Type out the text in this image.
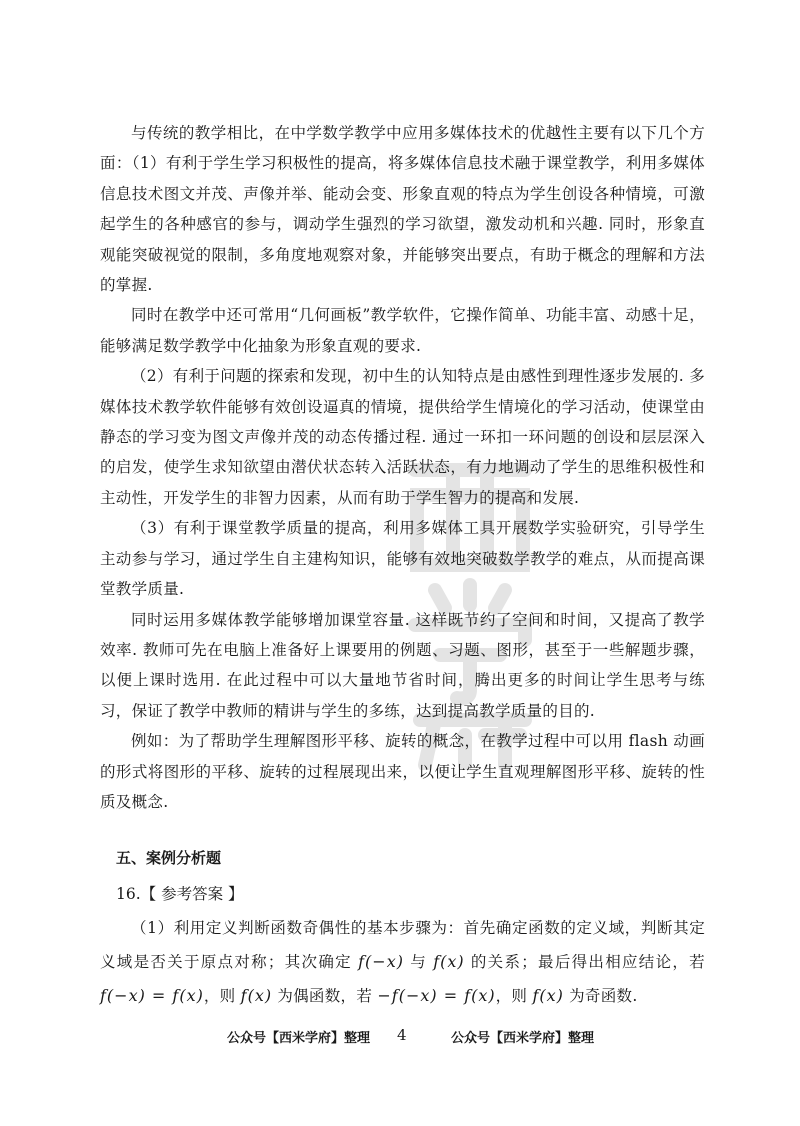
与传统的教学相比，在中学数学教学中应用多媒体技术的优越性主要有以下几个方面：（1）有利于学生学习积极性的提高，将多媒体信息技术融于课堂教学，利用多媒体信息技术图文并茂、声像并举、能动会变、形象直观的特点为学生创设各种情境，可激起学生的各种感官的参与，调动学生强烈的学习欲望，激发动机和兴趣. 同时，形象直观能突破视觉的限制，多角度地观察对象，并能够突出要点，有助于概念的理解和方法的掌握.

同时在教学中还可常用“几何画板”教学软件，它操作简单、功能丰富、动感十足，能够满足数学教学中化抽象为形象直观的要求.

（2）有利于问题的探索和发现，初中生的认知特点是由感性到理性逐步发展的. 多媒体技术教学软件能够有效创设逼真的情境，提供给学生情境化的学习活动，使课堂由静态的学习变为图文声像并茂的动态传播过程. 通过一环扣一环问题的创设和层层深入的启发，使学生求知欲望由潜伏状态转入活跃状态，有力地调动了学生的思维积极性和主动性，开发学生的非智力因素，从而有助于学生智力的提高和发展.

（3）有利于课堂教学质量的提高，利用多媒体工具开展数学实验研究，引导学生主动参与学习，通过学生自主建构知识，能够有效地突破数学教学的难点，从而提高课堂教学质量.

同时运用多媒体教学能够增加课堂容量. 这样既节约了空间和时间，又提高了教学效率. 教师可先在电脑上准备好上课要用的例题、习题、图形，甚至于一些解题步骤，以便上课时选用. 在此过程中可以大量地节省时间，腾出更多的时间让学生思考与练习，保证了教学中教师的精讲与学生的多练，达到提高教学质量的目的.

例如：为了帮助学生理解图形平移、旋转的概念，在教学过程中可以用 flash 动画的形式将图形的平移、旋转的过程展现出来，以便让学生直观理解图形平移、旋转的性质及概念.

五、案例分析题
16.【 参考答案 】

（1）利用定义判断函数奇偶性的基本步骤为：首先确定函数的定义域，判断其定义域是否关于原点对称；其次确定 f(−x) 与 f(x) 的关系；最后得出相应结论，若 f(−x) = f(x)，则 f(x) 为偶函数，若 −f(−x) = f(x)，则 f(x) 为奇函数.

公众号【西米学府】整理 4	公众号【西米学府】整理
